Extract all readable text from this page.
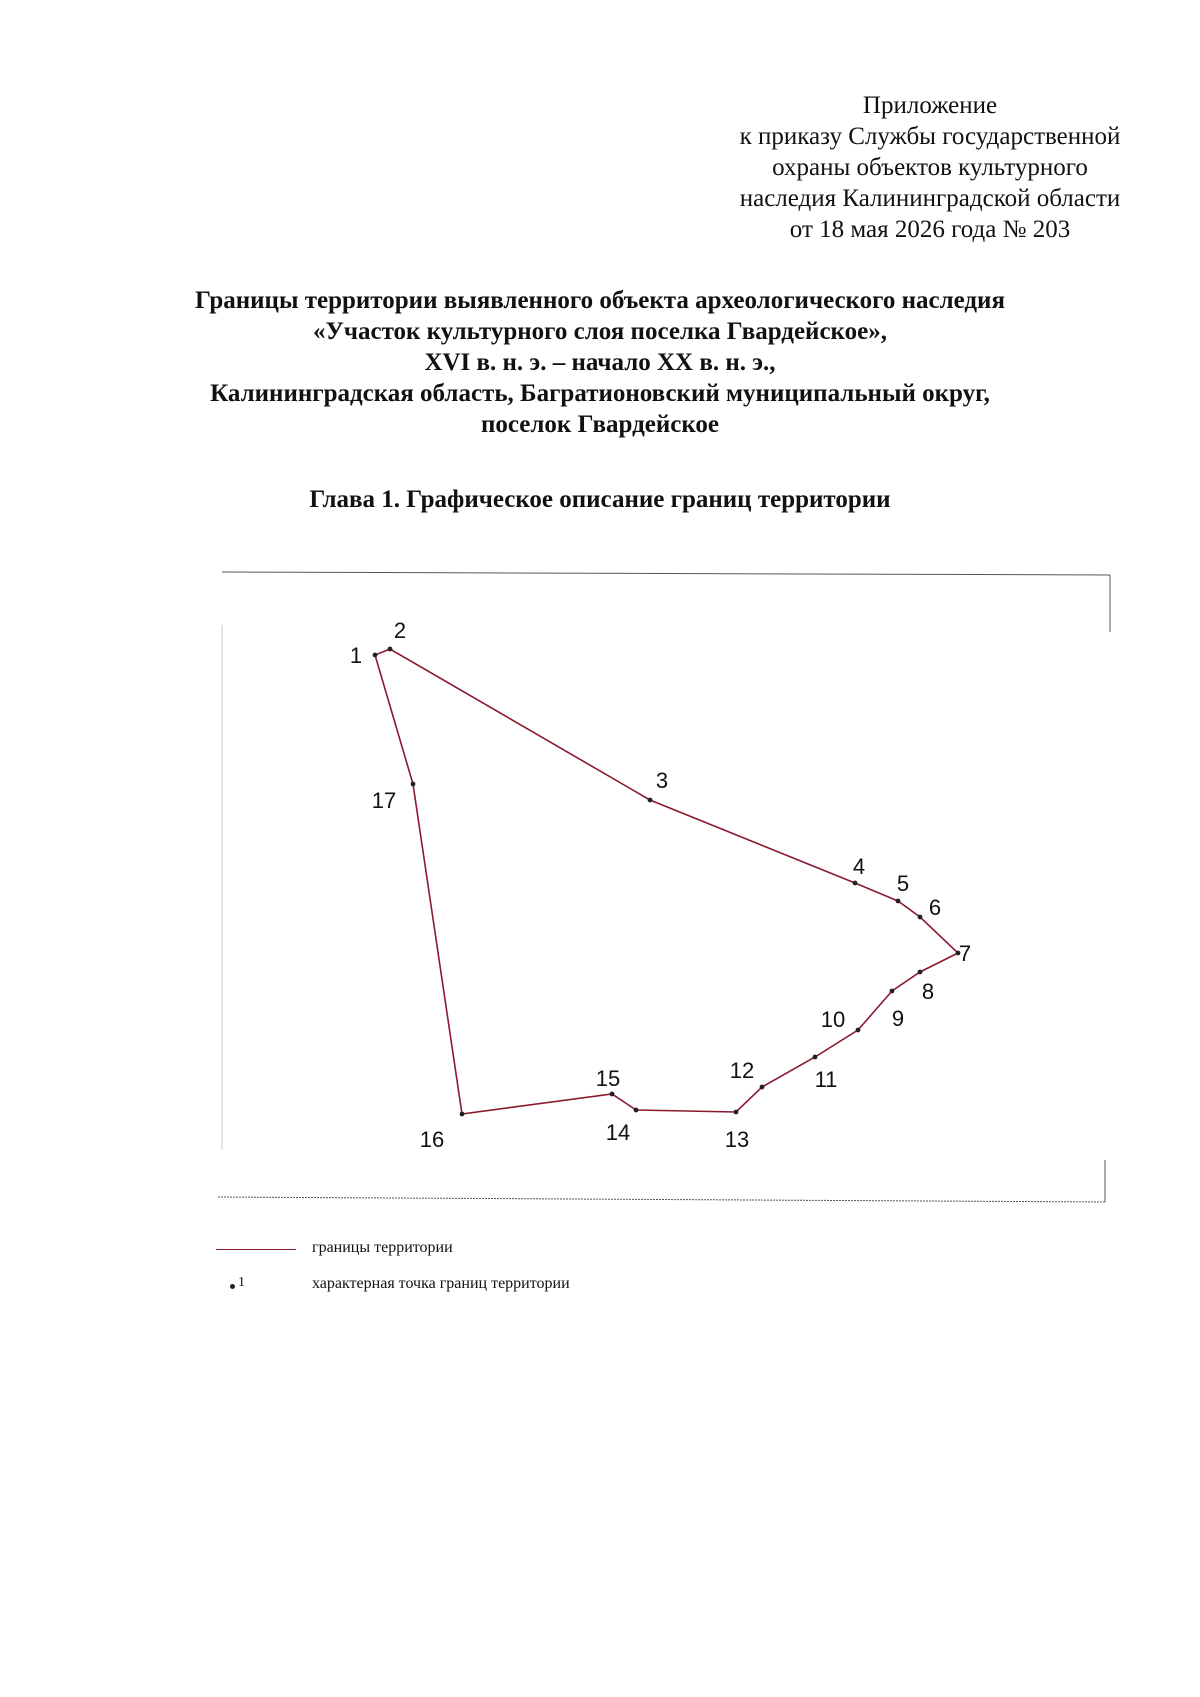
Приложение
к приказу Службы государственной
охраны объектов культурного
наследия Калининградской области
от 18 мая 2026 года № 203
Границы территории выявленного объекта археологического наследия
«Участок культурного слоя поселка Гвардейское»,
XVI в. н. э. – начало XX в. н. э.,
Калининградская область, Багратионовский муниципальный округ,
поселок Гвардейское
Глава 1. Графическое описание границ территории
1
2
3
4
5
6
7
8
9
10
11
12
13
14
15
16
17
границы территории
1	характерная точка границ территории
